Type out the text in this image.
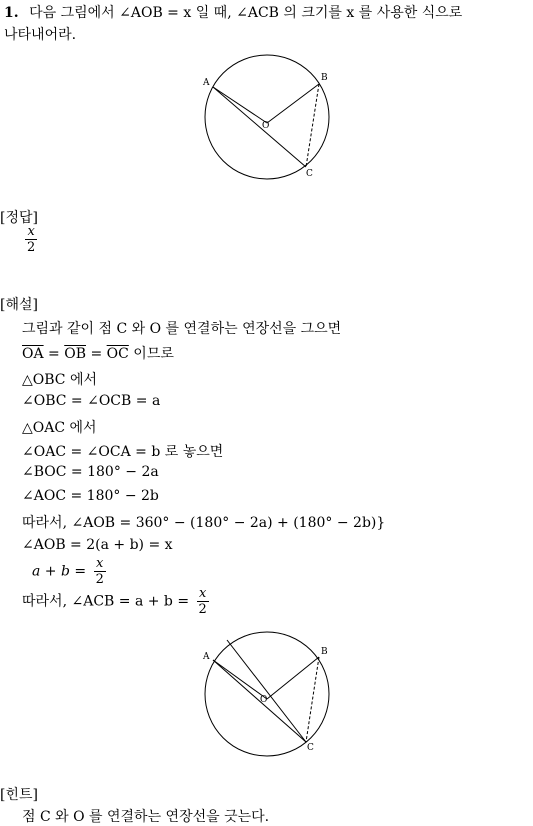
1. 다음 그림에서 ∠AOB = x 일 때, ∠ACB 의 크기를 x 를 사용한 식으로
나타내어라.
A	B
O
C
[정답]
$\frac{x}{2}$
[해설]
그림과 같이 점 C 와 O 를 연결하는 연장선을 그으면
$\overline{OA} = \overline{OB} = \overline{OC}$ 이므로
△OBC 에서
∠OBC = ∠OCB = a
△OAC 에서
∠OAC = ∠OCA = b 로 놓으면
∠BOC = 180° − 2a
∠AOC = 180° − 2b
따라서, ∠AOB = 360° − (180° − 2a) + (180° − 2b)}
∠AOB = 2(a + b) = x
$a + b = \frac{x}{2}$
따라서, ∠ACB = $a + b = \frac{x}{2}$
A	B
O
C
[힌트]
점 C 와 O 를 연결하는 연장선을 긋는다.
